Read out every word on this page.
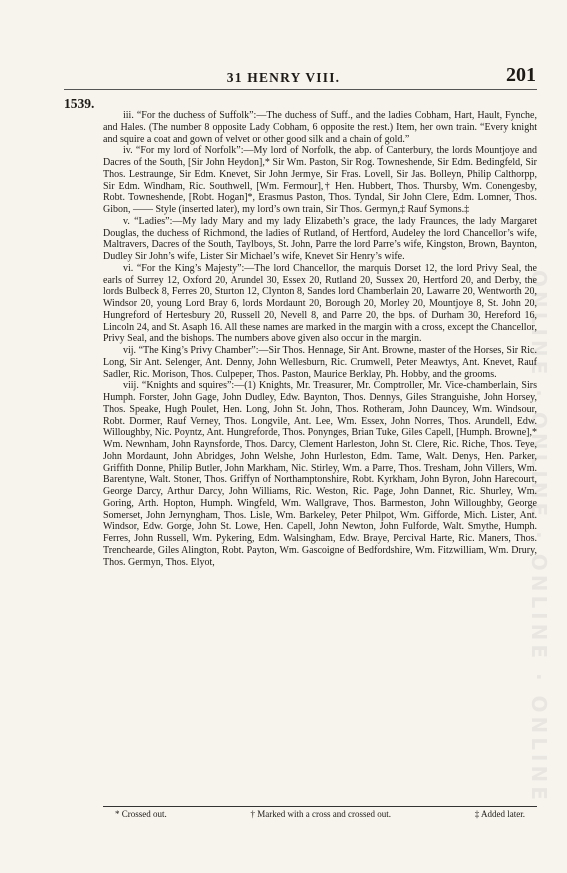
ONLINE · ONLINE · ONLINE · ONLINE
31 HENRY VIII.	201
1539.

iii. “For the duchess of Suffolk”:—The duchess of Suff., and the ladies Cobham, Hart, Hault, Fynche, and Hales. (The number 8 opposite Lady Cobham, 6 opposite the rest.) Item, her own train. “Every knight and squire a coat and gown of velvet or other good silk and a chain of gold.”

iv. “For my lord of Norfolk”:—My lord of Norfolk, the abp. of Canterbury, the lords Mountjoye and Dacres of the South, [Sir John Heydon],* Sir Wm. Paston, Sir Rog. Towneshende, Sir Edm. Bedingfeld, Sir Thos. Lestraunge, Sir Edm. Knevet, Sir John Jermye, Sir Fras. Lovell, Sir Jas. Bolleyn, Philip Calthorpp, Sir Edm. Windham, Ric. Southwell, [Wm. Fermour],† Hen. Hubbert, Thos. Thursby, Wm. Conengesby, Robt. Towneshende, [Robt. Hogan]*, Erasmus Paston, Thos. Tyndal, Sir John Clere, Edm. Lomner, Thos. Gibon, —— Style (inserted later), my lord’s own train, Sir Thos. Germyn,‡ Rauf Symons.‡

v. “Ladies”:—My lady Mary and my lady Elizabeth’s grace, the lady Fraunces, the lady Margaret Douglas, the duchess of Richmond, the ladies of Rutland, of Hertford, Audeley the lord Chancellor’s wife, Maltravers, Dacres of the South, Taylboys, St. John, Parre the lord Parre’s wife, Kingston, Brown, Baynton, Dudley Sir John’s wife, Lister Sir Michael’s wife, Knevet Sir Henry’s wife.

vi. “For the King’s Majesty”:—The lord Chancellor, the marquis Dorset 12, the lord Privy Seal, the earls of Surrey 12, Oxford 20, Arundel 30, Essex 20, Rutland 20, Sussex 20, Hertford 20, and Derby, the lords Bulbeck 8, Ferres 20, Sturton 12, Clynton 8, Sandes lord Chamberlain 20, Lawarre 20, Wentworth 20, Windsor 20, young Lord Bray 6, lords Mordaunt 20, Borough 20, Morley 20, Mountjoye 8, St. John 20, Hungreford of Hertesbury 20, Russell 20, Nevell 8, and Parre 20, the bps. of Durham 30, Hereford 16, Lincoln 24, and St. Asaph 16. All these names are marked in the margin with a cross, except the Chancellor, Privy Seal, and the bishops. The numbers above given also occur in the margin.

vij. “The King’s Privy Chamber”:—Sir Thos. Hennage, Sir Ant. Browne, master of the Horses, Sir Ric. Long, Sir Ant. Selenger, Ant. Denny, John Wellesburn, Ric. Crumwell, Peter Meawtys, Ant. Knevet, Rauf Sadler, Ric. Morison, Thos. Culpeper, Thos. Paston, Maurice Berklay, Ph. Hobby, and the grooms.

viij. “Knights and squires”:—(1) Knights, Mr. Treasurer, Mr. Comptroller, Mr. Vice-chamberlain, Sirs Humph. Forster, John Gage, John Dudley, Edw. Baynton, Thos. Dennys, Giles Stranguishe, John Horsey, Thos. Speake, Hugh Poulet, Hen. Long, John St. John, Thos. Rotheram, John Dauncey, Wm. Windsour, Robt. Dormer, Rauf Verney, Thos. Longvile, Ant. Lee, Wm. Essex, John Norres, Thos. Arundell, Edw. Willoughby, Nic. Poyntz, Ant. Hungreforde, Thos. Ponynges, Brian Tuke, Giles Capell, [Humph. Browne],* Wm. Newnham, John Raynsforde, Thos. Darcy, Clement Harleston, John St. Clere, Ric. Riche, Thos. Teye, John Mordaunt, John Abridges, John Welshe, John Hurleston, Edm. Tame, Walt. Denys, Hen. Parker, Griffith Donne, Philip Butler, John Markham, Nic. Stirley, Wm. a Parre, Thos. Tresham, John Villers, Wm. Barentyne, Walt. Stoner, Thos. Griffyn of Northamptonshire, Robt. Kyrkham, John Byron, John Harecourt, George Darcy, Arthur Darcy, John Williams, Ric. Weston, Ric. Page, John Dannet, Ric. Shurley, Wm. Goring, Arth. Hopton, Humph. Wingfeld, Wm. Wallgrave, Thos. Barmeston, John Willoughby, George Somerset, John Jernyngham, Thos. Lisle, Wm. Barkeley, Peter Philpot, Wm. Gifforde, Mich. Lister, Ant. Windsor, Edw. Gorge, John St. Lowe, Hen. Capell, John Newton, John Fulforde, Walt. Smythe, Humph. Ferres, John Russell, Wm. Pykering, Edm. Walsingham, Edw. Braye, Percival Harte, Ric. Maners, Thos. Trenchearde, Giles Alington, Robt. Payton, Wm. Gascoigne of Bedfordshire, Wm. Fitzwilliam, Wm. Drury, Thos. Germyn, Thos. Elyot,

* Crossed out.	† Marked with a cross and crossed out.	‡ Added later.
